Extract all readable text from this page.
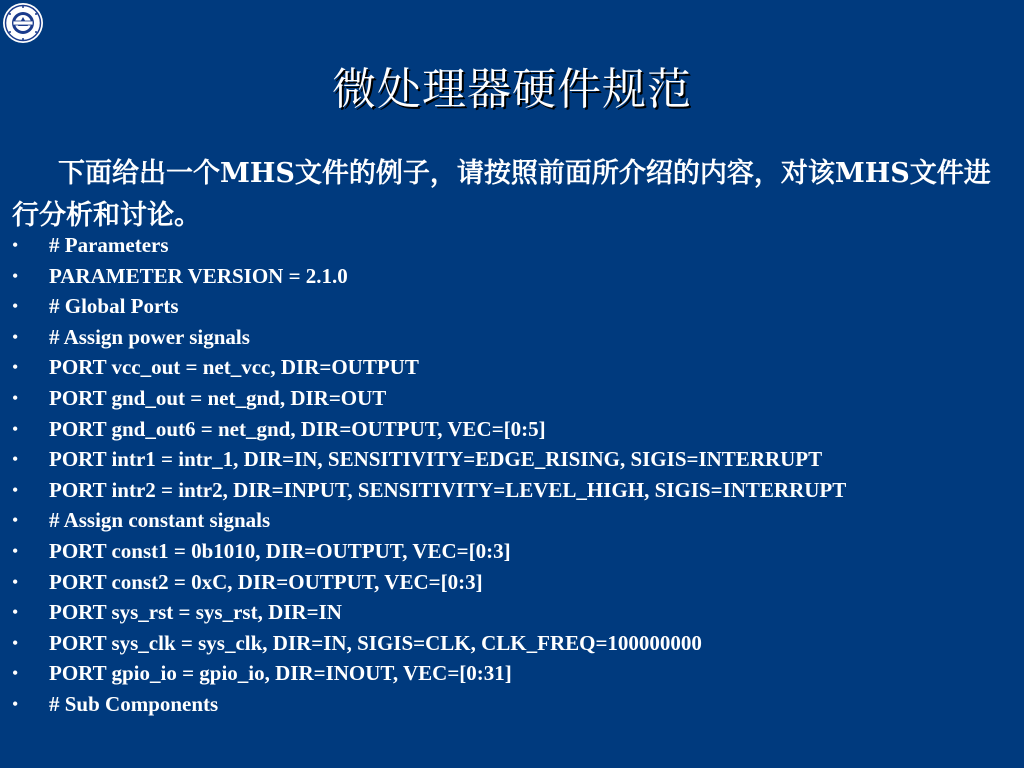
微处理器硬件规范
下面给出一个MHS文件的例子，请按照前面所介绍的内容，对该MHS文件进行分析和讨论。
• # Parameters
• PARAMETER VERSION = 2.1.0
• # Global Ports
• # Assign power signals
• PORT vcc_out = net_vcc, DIR=OUTPUT
• PORT gnd_out = net_gnd, DIR=OUT
• PORT gnd_out6 = net_gnd, DIR=OUTPUT, VEC=[0:5]
• PORT intr1 = intr_1, DIR=IN, SENSITIVITY=EDGE_RISING, SIGIS=INTERRUPT
• PORT intr2 = intr2, DIR=INPUT, SENSITIVITY=LEVEL_HIGH, SIGIS=INTERRUPT
• # Assign constant signals
• PORT const1 = 0b1010, DIR=OUTPUT, VEC=[0:3]
• PORT const2 = 0xC, DIR=OUTPUT, VEC=[0:3]
• PORT sys_rst = sys_rst, DIR=IN
• PORT sys_clk = sys_clk, DIR=IN, SIGIS=CLK, CLK_FREQ=100000000
• PORT gpio_io = gpio_io, DIR=INOUT, VEC=[0:31]
• # Sub Components
